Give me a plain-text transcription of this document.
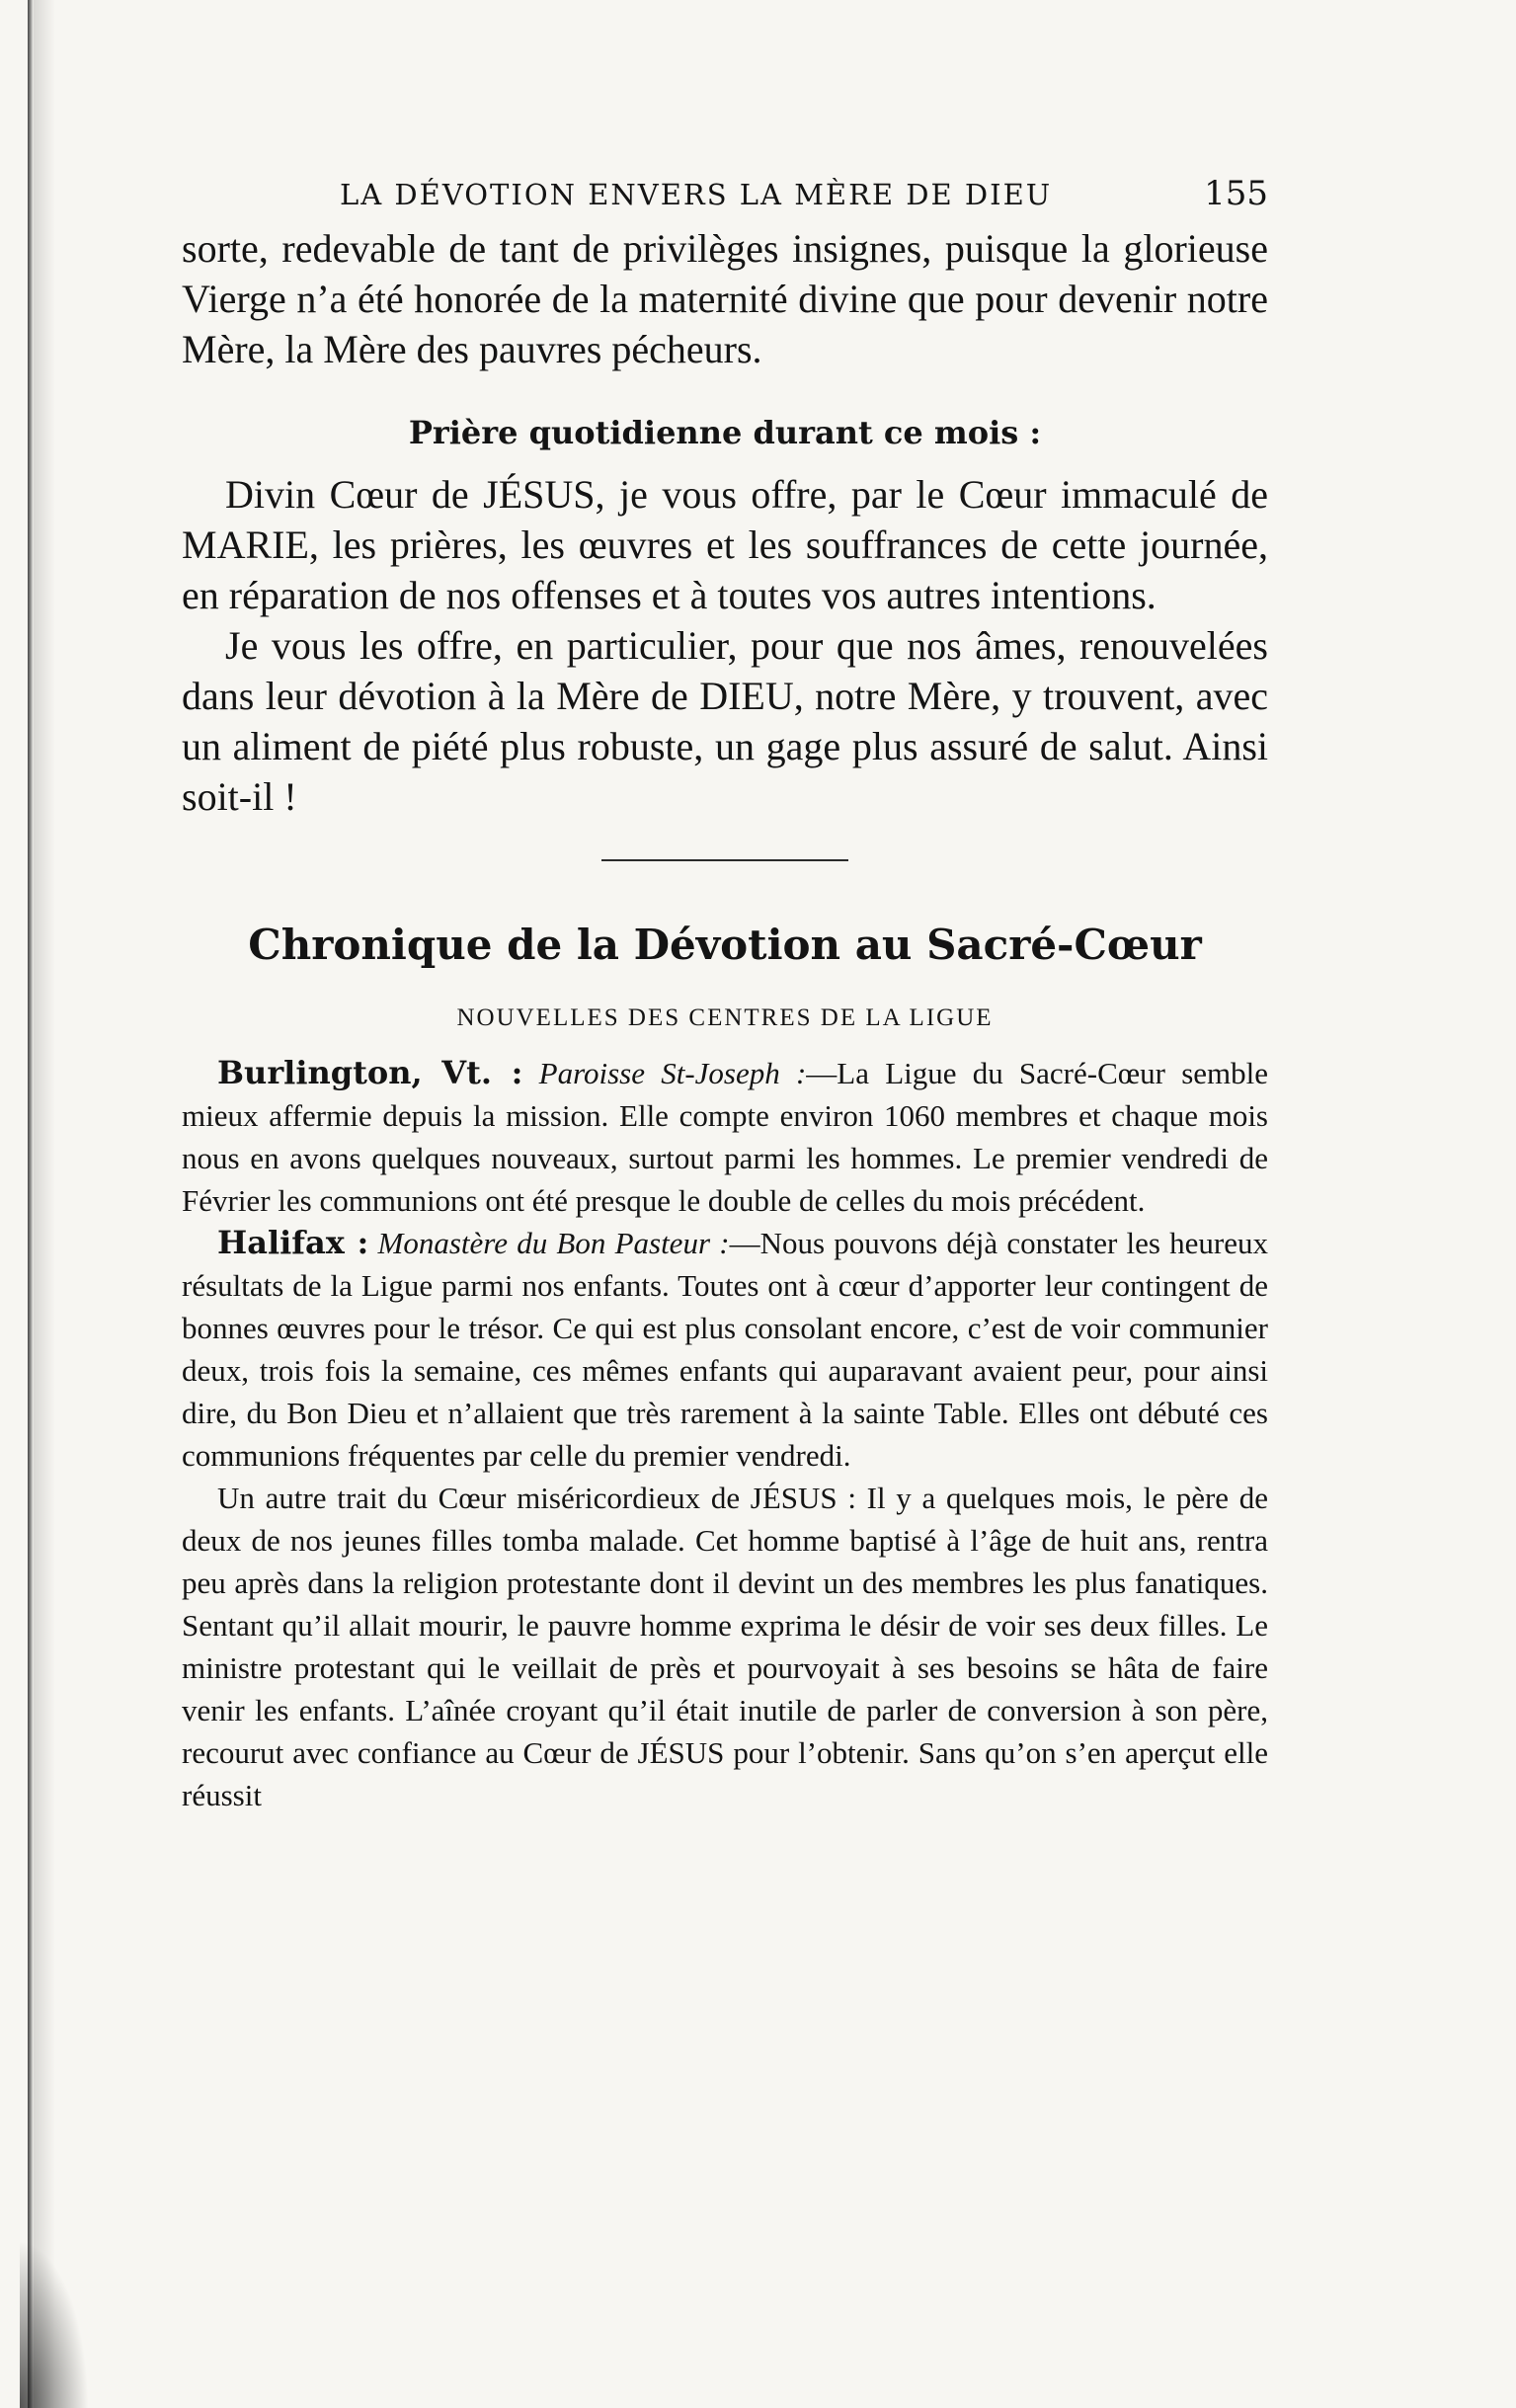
LA DÉVOTION ENVERS LA MÈRE DE DIEU	155

sorte, redevable de tant de privilèges insignes, puisque la glorieuse Vierge n’a été honorée de la maternité divine que pour devenir notre Mère, la Mère des pauvres pécheurs.

Prière quotidienne durant ce mois :

Divin Cœur de JÉSUS, je vous offre, par le Cœur immaculé de MARIE, les prières, les œuvres et les souffrances de cette journée, en réparation de nos offenses et à toutes vos autres intentions.

Je vous les offre, en particulier, pour que nos âmes, renouvelées dans leur dévotion à la Mère de DIEU, notre Mère, y trouvent, avec un aliment de piété plus robuste, un gage plus assuré de salut. Ainsi soit-il !

Chronique de la Dévotion au Sacré-Cœur
NOUVELLES DES CENTRES DE LA LIGUE

Burlington, Vt. : Paroisse St-Joseph :—La Ligue du Sacré-Cœur semble mieux affermie depuis la mission. Elle compte environ 1060 membres et chaque mois nous en avons quelques nouveaux, surtout parmi les hommes. Le premier vendredi de Février les communions ont été presque le double de celles du mois précédent.

Halifax : Monastère du Bon Pasteur :—Nous pouvons déjà constater les heureux résultats de la Ligue parmi nos enfants. Toutes ont à cœur d’apporter leur contingent de bonnes œuvres pour le trésor. Ce qui est plus consolant encore, c’est de voir communier deux, trois fois la semaine, ces mêmes enfants qui auparavant avaient peur, pour ainsi dire, du Bon Dieu et n’allaient que très rarement à la sainte Table. Elles ont débuté ces communions fréquentes par celle du premier vendredi.

Un autre trait du Cœur miséricordieux de JÉSUS : Il y a quelques mois, le père de deux de nos jeunes filles tomba malade. Cet homme baptisé à l’âge de huit ans, rentra peu après dans la religion protestante dont il devint un des membres les plus fanatiques. Sentant qu’il allait mourir, le pauvre homme exprima le désir de voir ses deux filles. Le ministre protestant qui le veillait de près et pourvoyait à ses besoins se hâta de faire venir les enfants. L’aînée croyant qu’il était inutile de parler de conversion à son père, recourut avec confiance au Cœur de JÉSUS pour l’obtenir. Sans qu’on s’en aperçut elle réussit
